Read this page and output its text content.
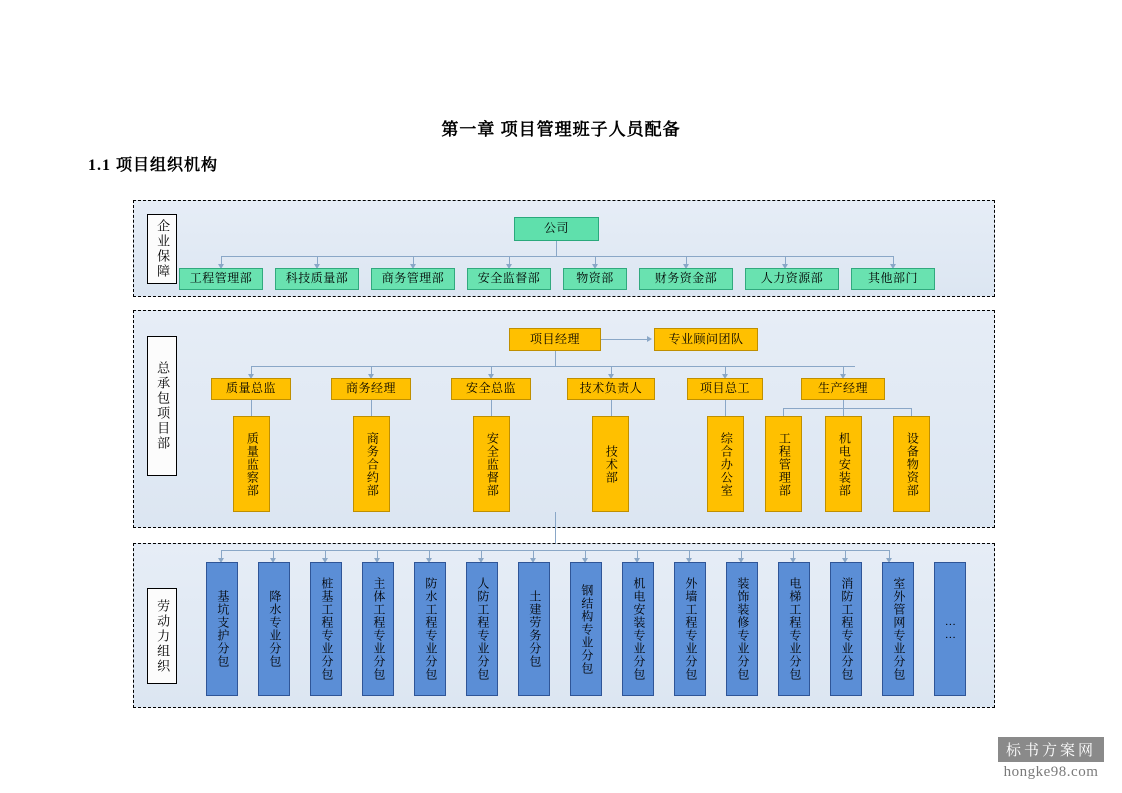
第一章 项目管理班子人员配备
1.1 项目组织机构
企业保障	公司
工程管理部	科技质量部	商务管理部	安全监督部	物资部	财务资金部	人力资源部	其他部门
总承包项目部
项目经理	专业顾问团队
质量总监	商务经理	安全总监	技术负责人	项目总工	生产经理
质量监察部	商务合约部	安全监督部	技术部	综合办公室	工程管理部	机电安装部	设备物资部
劳动力组织	基坑支护分包	降水专业分包	桩基工程专业分包	主体工程专业分包	防水工程专业分包	人防工程专业分包	土建劳务分包	钢结构专业分包	机电安装专业分包	外墙工程专业分包	装饰装修专业分包	电梯工程专业分包	消防工程专业分包	室外管网专业分包	……
标书方案网
hongke98.com
